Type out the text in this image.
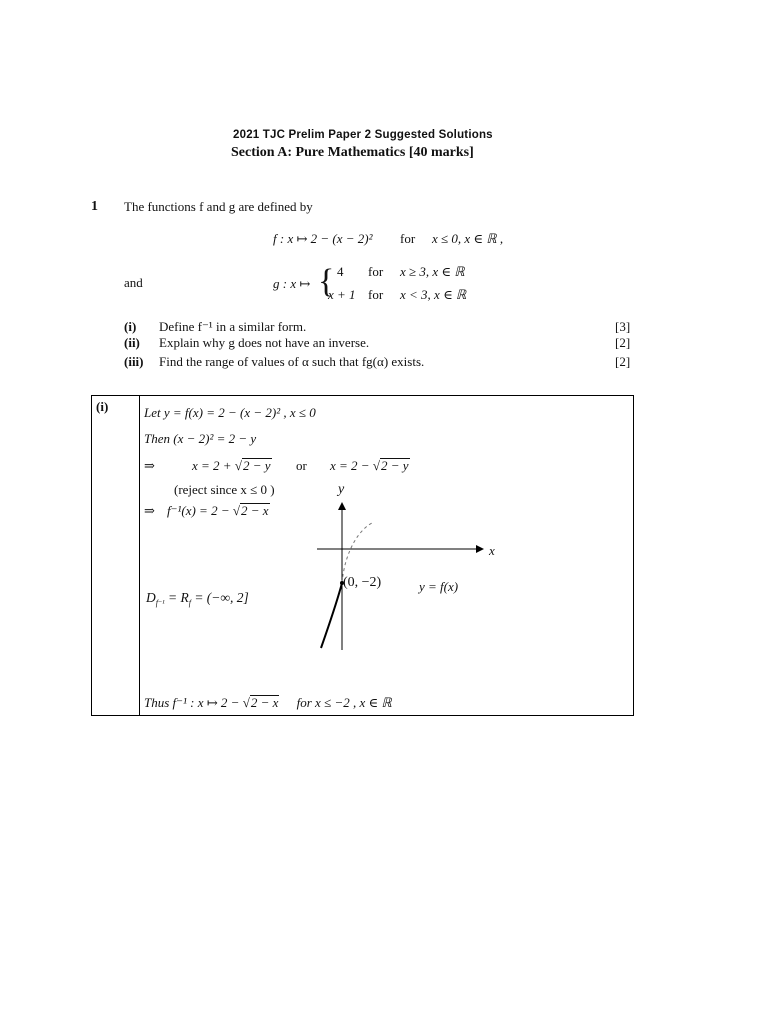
2021 TJC Prelim Paper 2 Suggested Solutions
Section A: Pure Mathematics [40 marks]
1 The functions f and g are defined by
f : x ↦ 2 − (x − 2)² for x ≤ 0, x ∈ ℝ ,
and	g : x ↦ { 4 for x ≥ 3, x ∈ ℝ
x + 1 for x < 3, x ∈ ℝ
(i) Define f⁻¹ in a similar form.	[3]
(ii) Explain why g does not have an inverse.	[2]
(iii) Find the range of values of α such that fg(α) exists.	[2]
(i)	Let y = f(x) = 2 − (x − 2)² , x ≤ 0
Then (x − 2)² = 2 − y
⇒	x = 2 + √2 − y or x = 2 − √2 − y
(reject since x ≤ 0 )
⇒ f⁻¹(x) = 2 − √2 − x
$D_{f^{-1}} = R_f$ = (−∞, 2]
Thus f⁻¹ : x ↦ 2 − √2 − x for x ≤ −2 , x ∈ ℝ
y
x
(0, −2)	y = f(x)
